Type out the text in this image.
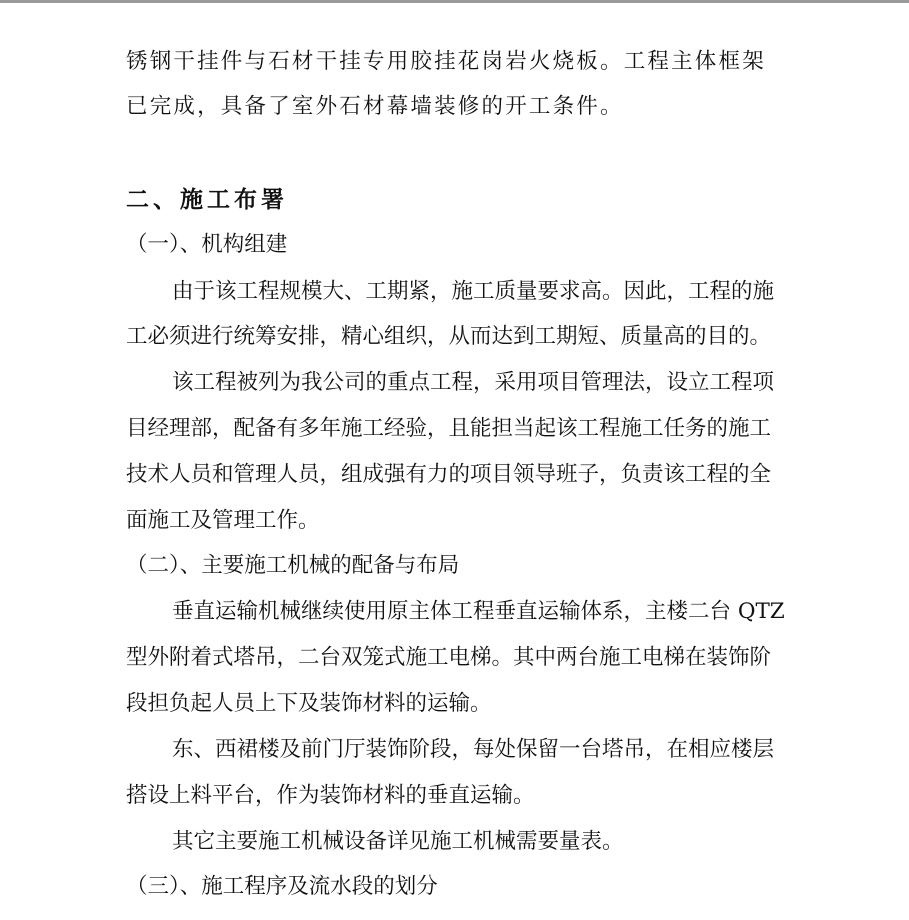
锈钢干挂件与石材干挂专用胶挂花岗岩火烧板。工程主体框架
已完成，具备了室外石材幕墙装修的开工条件。
二、施工布署
（一）、机构组建
由于该工程规模大、工期紧，施工质量要求高。因此，工程的施
工必须进行统筹安排，精心组织，从而达到工期短、质量高的目的。
该工程被列为我公司的重点工程，采用项目管理法，设立工程项
目经理部，配备有多年施工经验，且能担当起该工程施工任务的施工
技术人员和管理人员，组成强有力的项目领导班子，负责该工程的全
面施工及管理工作。
（二）、主要施工机械的配备与布局
垂直运输机械继续使用原主体工程垂直运输体系，主楼二台 QTZ
型外附着式塔吊，二台双笼式施工电梯。其中两台施工电梯在装饰阶
段担负起人员上下及装饰材料的运输。
东、西裙楼及前门厅装饰阶段，每处保留一台塔吊，在相应楼层
搭设上料平台，作为装饰材料的垂直运输。
其它主要施工机械设备详见施工机械需要量表。
（三）、施工程序及流水段的划分
